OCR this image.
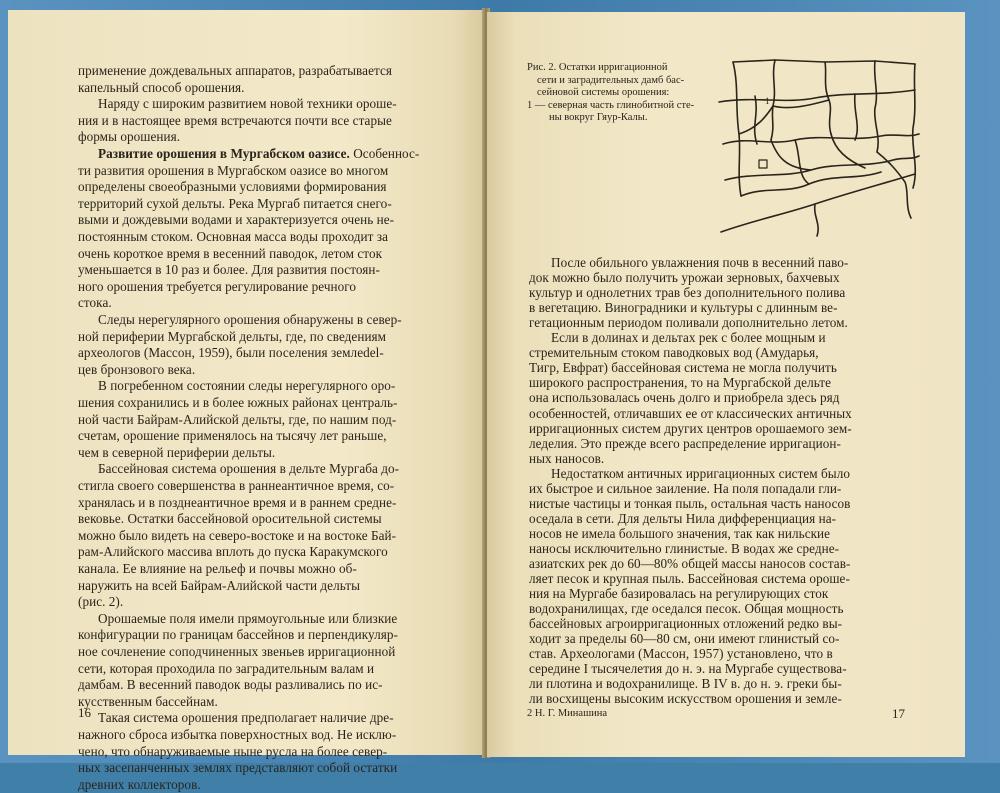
применение дождевальных аппаратов, разрабатывается
капельный способ орошения.
Наряду с широким развитием новой техники ороше-
ния и в настоящее время встречаются почти все старые
формы орошения.
Развитие орошения в Мургабском оазисе. Особеннос-
ти развития орошения в Мургабском оазисе во многом
определены своеобразными условиями формирования
территорий сухой дельты. Река Мургаб питается снего-
выми и дождевыми водами и характеризуется очень не-
постоянным стоком. Основная масса воды проходит за
очень короткое время в весенний паводок, летом сток
уменьшается в 10 раз и более. Для развития постоян-
ного орошения требуется регулирование речного
стока.
Следы нерегулярного орошения обнаружены в север-
ной периферии Мургабской дельты, где, по сведениям
археологов (Массон, 1959), были поселения землеdel-
цев бронзового века.
В погребенном состоянии следы нерегулярного оро-
шения сохранились и в более южных районах централь-
ной части Байрам-Алийской дельты, где, по нашим под-
счетам, орошение применялось на тысячу лет раньше,
чем в северной периферии дельты.
Бассейновая система орошения в дельте Мургаба до-
стигла своего совершенства в раннеантичное время, со-
хранялась и в позднеантичное время и в раннем средне-
вековье. Остатки бассейновой оросительной системы
можно было видеть на северо-востоке и на востоке Бай-
рам-Алийского массива вплоть до пуска Каракумского
канала. Ее влияние на рельеф и почвы можно об-
наружить на всей Байрам-Алийской части дельты
(рис. 2).
Орошаемые поля имели прямоугольные или близкие
конфигурации по границам бассейнов и перпендикуляр-
ное сочленение соподчиненных звеньев ирригационной
сети, которая проходила по заградительным валам и
дамбам. В весенний паводок воды разливались по ис-
кусственным бассейнам.
Такая система орошения предполагает наличие дре-
нажного сброса избытка поверхностных вод. Не исклю-
чено, что обнаруживаемые ныне русла на более север-
ных засепанченных землях представляют собой остатки
древних коллекторов.
16
Рис. 2. Остатки ирригационной
сети и заградительных дамб бас-
сейновой системы орошения:
1 — северная часть глинобитной сте-
ны вокруг Гяур-Калы.
1
После обильного увлажнения почв в весенний паво-
док можно было получить урожаи зерновых, бахчевых
культур и однолетних трав без дополнительного полива
в вегетацию. Виноградники и культуры с длинным ве-
гетационным периодом поливали дополнительно летом.
Если в долинах и дельтах рек с более мощным и
стремительным стоком паводковых вод (Амударья,
Тигр, Евфрат) бассейновая система не могла получить
широкого распространения, то на Мургабской дельте
она использовалась очень долго и приобрела здесь ряд
особенностей, отличавших ее от классических античных
ирригационных систем других центров орошаемого зем-
леделия. Это прежде всего распределение ирригацион-
ных наносов.
Недостатком античных ирригационных систем было
их быстрое и сильное заиление. На поля попадали гли-
нистые частицы и тонкая пыль, остальная часть наносов
оседала в сети. Для дельты Нила дифференциация на-
носов не имела большого значения, так как нильские
наносы исключительно глинистые. В водах же средне-
азиатских рек до 60—80% общей массы наносов состав-
ляет песок и крупная пыль. Бассейновая система ороше-
ния на Мургабе базировалась на регулирующих сток
водохранилищах, где оседался песок. Общая мощность
бассейновых агроирригационных отложений редко вы-
ходит за пределы 60—80 см, они имеют глинистый со-
став. Археологами (Массон, 1957) установлено, что в
середине I тысячелетия до н. э. на Мургабе существова-
ли плотина и водохранилище. В IV в. до н. э. греки бы-
ли восхищены высоким искусством орошения и земле-
2 Н. Г. Минашина	17
